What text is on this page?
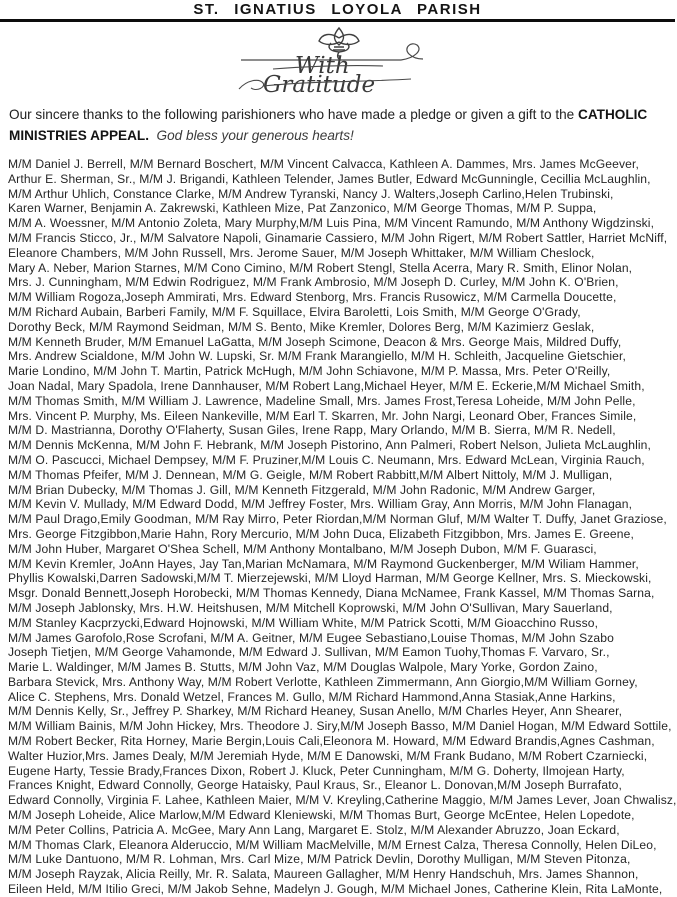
ST. IGNATIUS LOYOLA PARISH
With
Gratitude

Our sincere thanks to the following parishioners who have made a pledge or given a gift to the CATHOLIC MINISTRIES APPEAL.  God bless your generous hearts!

M/M Daniel J. Berrell, M/M Bernard Boschert, M/M Vincent Calvacca, Kathleen A. Dammes, Mrs. James McGeever,
Arthur E. Sherman, Sr., M/M J. Brigandi, Kathleen Telender, James Butler, Edward McGunningle, Cecillia McLaughlin,
M/M Arthur Uhlich, Constance Clarke, M/M Andrew Tyranski, Nancy J. Walters,Joseph Carlino,Helen Trubinski,
Karen Warner, Benjamin A. Zakrewski, Kathleen Mize, Pat Zanzonico, M/M George Thomas, M/M P. Suppa,
M/M A. Woessner, M/M Antonio Zoleta, Mary Murphy,M/M Luis Pina, M/M Vincent Ramundo, M/M Anthony Wigdzinski,
M/M Francis Sticco, Jr., M/M Salvatore Napoli, Ginamarie Cassiero, M/M John Rigert, M/M Robert Sattler, Harriet McNiff,
Eleanore Chambers, M/M John Russell, Mrs. Jerome Sauer, M/M Joseph Whittaker, M/M William Cheslock,
Mary A. Neber, Marion Starnes, M/M Cono Cimino, M/M Robert Stengl, Stella Acerra, Mary R. Smith, Elinor Nolan,
Mrs. J. Cunningham, M/M Edwin Rodriguez, M/M Frank Ambrosio, M/M Joseph D. Curley, M/M John K. O'Brien,
M/M William Rogoza,Joseph Ammirati, Mrs. Edward Stenborg, Mrs. Francis Rusowicz, M/M Carmella Doucette,
M/M Richard Aubain, Barberi Family, M/M F. Squillace, Elvira Baroletti, Lois Smith, M/M George O'Grady,
Dorothy Beck, M/M Raymond Seidman, M/M S. Bento, Mike Kremler, Dolores Berg, M/M Kazimierz Geslak,
M/M Kenneth Bruder, M/M Emanuel LaGatta, M/M Joseph Scimone, Deacon & Mrs. George Mais, Mildred Duffy,
Mrs. Andrew Scialdone, M/M John W. Lupski, Sr. M/M Frank Marangiello, M/M H. Schleith, Jacqueline Gietschier,
Marie Londino, M/M John T. Martin, Patrick McHugh, M/M John Schiavone, M/M P. Massa, Mrs. Peter O'Reilly,
Joan Nadal, Mary Spadola, Irene Dannhauser, M/M Robert Lang,Michael Heyer, M/M E. Eckerie,M/M Michael Smith,
M/M Thomas Smith, M/M William J. Lawrence, Madeline Small, Mrs. James Frost,Teresa Loheide, M/M John Pelle,
Mrs. Vincent P. Murphy, Ms. Eileen Nankeville, M/M Earl T. Skarren, Mr. John Nargi, Leonard Ober, Frances Simile,
M/M D. Mastrianna, Dorothy O'Flaherty, Susan Giles, Irene Rapp, Mary Orlando, M/M B. Sierra, M/M R. Nedell,
M/M Dennis McKenna, M/M John F. Hebrank, M/M Joseph Pistorino, Ann Palmeri, Robert Nelson, Julieta McLaughlin,
M/M O. Pascucci, Michael Dempsey, M/M F. Pruziner,M/M Louis C. Neumann, Mrs. Edward McLean, Virginia Rauch,
M/M Thomas Pfeifer, M/M J. Dennean, M/M G. Geigle, M/M Robert Rabbitt,M/M Albert Nittoly, M/M J. Mulligan,
M/M Brian Dubecky, M/M Thomas J. Gill, M/M Kenneth Fitzgerald, M/M John Radonic, M/M Andrew Garger,
M/M Kevin V. Mullady, M/M Edward Dodd, M/M Jeffrey Foster, Mrs. William Gray, Ann Morris, M/M John Flanagan,
M/M Paul Drago,Emily Goodman, M/M Ray Mirro, Peter Riordan,M/M Norman Gluf, M/M Walter T. Duffy, Janet Graziose,
Mrs. George Fitzgibbon,Marie Hahn, Rory Mercurio, M/M John Duca, Elizabeth Fitzgibbon, Mrs. James E. Greene,
M/M John Huber, Margaret O'Shea Schell, M/M Anthony Montalbano, M/M Joseph Dubon, M/M F. Guarasci,
M/M Kevin Kremler, JoAnn Hayes, Jay Tan,Marian McNamara, M/M Raymond Guckenberger, M/M Wiliam Hammer,
Phyllis Kowalski,Darren Sadowski,M/M T. Mierzejewski, M/M Lloyd Harman, M/M George Kellner, Mrs. S. Mieckowski,
Msgr. Donald Bennett,Joseph Horobecki, M/M Thomas Kennedy, Diana McNamee, Frank Kassel, M/M Thomas Sarna,
M/M Joseph Jablonsky, Mrs. H.W. Heitshusen, M/M Mitchell Koprowski, M/M John O'Sullivan, Mary Sauerland,
M/M Stanley Kacprzycki,Edward Hojnowski, M/M William White, M/M Patrick Scotti, M/M Gioacchino Russo,
M/M James Garofolo,Rose Scrofani, M/M A. Geitner, M/M Eugee Sebastiano,Louise Thomas, M/M John Szabo
Joseph Tietjen, M/M George Vahamonde, M/M Edward J. Sullivan, M/M Eamon Tuohy,Thomas F. Varvaro, Sr.,
Marie L. Waldinger, M/M James B. Stutts, M/M John Vaz, M/M Douglas Walpole, Mary Yorke, Gordon Zaino,
Barbara Stevick, Mrs. Anthony Way, M/M Robert Verlotte, Kathleen Zimmermann, Ann Giorgio,M/M William Gorney,
Alice C. Stephens, Mrs. Donald Wetzel, Frances M. Gullo, M/M Richard Hammond,Anna Stasiak,Anne Harkins,
M/M Dennis Kelly, Sr., Jeffrey P. Sharkey, M/M Richard Heaney, Susan Anello, M/M Charles Heyer, Ann Shearer,
M/M William Bainis, M/M John Hickey, Mrs. Theodore J. Siry,M/M Joseph Basso, M/M Daniel Hogan, M/M Edward Sottile,
M/M Robert Becker, Rita Horney, Marie Bergin,Louis Cali,Eleonora M. Howard, M/M Edward Brandis,Agnes Cashman,
Walter Huzior,Mrs. James Dealy, M/M Jeremiah Hyde, M/M E Danowski, M/M Frank Budano, M/M Robert Czarniecki,
Eugene Harty, Tessie Brady,Frances Dixon, Robert J. Kluck, Peter Cunningham, M/M G. Doherty, Ilmojean Harty,
Frances Knight, Edward Connolly, George Hataisky, Paul Kraus, Sr., Eleanor L. Donovan,M/M Joseph Burrafato,
Edward Connolly, Virginia F. Lahee, Kathleen Maier, M/M V. Kreyling,Catherine Maggio, M/M James Lever, Joan Chwalisz,
M/M Joseph Loheide, Alice Marlow,M/M Edward Kleniewski, M/M Thomas Burt, George McEntee, Helen Lopedote,
M/M Peter Collins, Patricia A. McGee, Mary Ann Lang, Margaret E. Stolz, M/M Alexander Abruzzo, Joan Eckard,
M/M Thomas Clark, Eleanora Alderuccio, M/M William MacMelville, M/M Ernest Calza, Theresa Connolly, Helen DiLeo,
M/M Luke Dantuono, M/M R. Lohman, Mrs. Carl Mize, M/M Patrick Devlin, Dorothy Mulligan, M/M Steven Pitonza,
M/M Joseph Rayzak, Alicia Reilly, Mr. R. Salata, Maureen Gallagher, M/M Henry Handschuh, Mrs. James Shannon,
Eileen Held, M/M Itilio Greci, M/M Jakob Sehne, Madelyn J. Gough, M/M Michael Jones, Catherine Klein, Rita LaMonte,
